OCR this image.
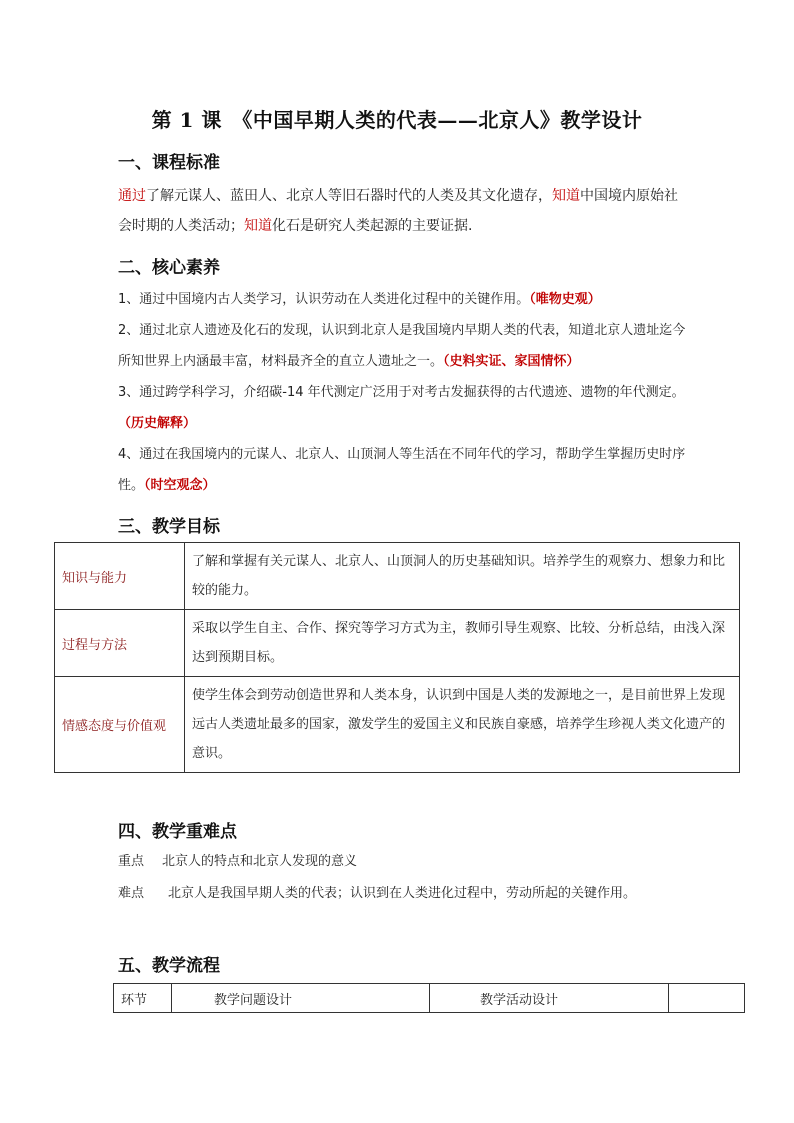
第 1 课　《中国早期人类的代表——北京人》教学设计
一、课程标准
通过了解元谋人、蓝田人、北京人等旧石器时代的人类及其文化遗存，知道中国境内原始社会时期的人类活动；知道化石是研究人类起源的主要证据.
二、核心素养

1、通过中国境内古人类学习，认识劳动在人类进化过程中的关键作用。（唯物史观）

2、通过北京人遗迹及化石的发现，认识到北京人是我国境内早期人类的代表，知道北京人遗址迄今所知世界上内涵最丰富，材料最齐全的直立人遗址之一。（史料实证、家国情怀）

3、通过跨学科学习，介绍碳-14 年代测定广泛用于对考古发掘获得的古代遗迹、遗物的年代测定。（历史解释）

4、通过在我国境内的元谋人、北京人、山顶洞人等生活在不同年代的学习，帮助学生掌握历史时序性。（时空观念）

三、教学目标
知识与能力	了解和掌握有关元谋人、北京人、山顶洞人的历史基础知识。培养学生的观察力、想象力和比较的能力。
过程与方法	采取以学生自主、合作、探究等学习方式为主，教师引导生观察、比较、分析总结，由浅入深达到预期目标。
情感态度与价值观	使学生体会到劳动创造世界和人类本身，认识到中国是人类的发源地之一，是目前世界上发现远古人类遗址最多的国家，激发学生的爱国主义和民族自豪感，培养学生珍视人类文化遗产的意识。
四、教学重难点
重点 北京人的特点和北京人发现的意义
难点 北京人是我国早期人类的代表；认识到在人类进化过程中，劳动所起的关键作用。
五、教学流程
环节	教学问题设计	教学活动设计	
